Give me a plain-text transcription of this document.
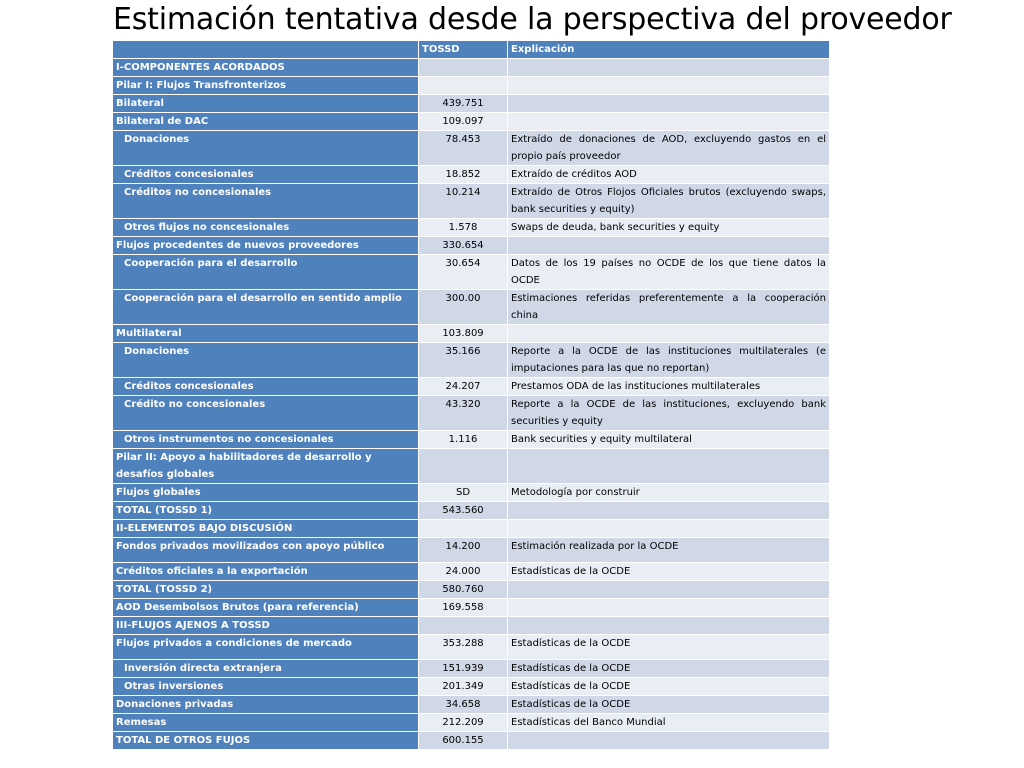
Estimación tentativa desde la perspectiva del proveedor
	TOSSD	Explicación
I-COMPONENTES ACORDADOS		
Pilar I: Flujos Transfronterizos		
Bilateral	439.751	
Bilateral de DAC	109.097	
Donaciones	78.453	Extraído de donaciones de AOD, excluyendo gastos en el propio país proveedor
Créditos concesionales	18.852	Extraído de créditos AOD
Créditos no concesionales	10.214	Extraído de Otros Flojos Oficiales brutos (excluyendo swaps, bank securities y equity)
Otros flujos no concesionales	1.578	Swaps de deuda, bank securities y equity
Flujos procedentes de nuevos proveedores	330.654	
Cooperación para el desarrollo	30.654	Datos de los 19 países no OCDE de los que tiene datos la OCDE
Cooperación para el desarrollo en sentido amplio	300.00	Estimaciones referidas preferentemente a la cooperación china
Multilateral	103.809	
Donaciones	35.166	Reporte a la OCDE de las instituciones multilaterales (e imputaciones para las que no reportan)
Créditos concesionales	24.207	Prestamos ODA de las instituciones multilaterales
Crédito no concesionales	43.320	Reporte a la OCDE de las instituciones, excluyendo bank securities y equity
Otros instrumentos no concesionales	1.116	Bank securities y equity multilateral
Pilar II: Apoyo a habilitadores de desarrollo y desafíos globales		
Flujos globales	SD	Metodología por construir
TOTAL (TOSSD 1)	543.560	
II-ELEMENTOS BAJO DISCUSIÓN		
Fondos privados movilizados con apoyo público	14.200	Estimación realizada por la OCDE
Créditos oficiales a la exportación	24.000	Estadísticas de la OCDE
TOTAL (TOSSD 2)	580.760	
AOD Desembolsos Brutos (para referencia)	169.558	
III-FLUJOS AJENOS A TOSSD		
Flujos privados a condiciones de mercado	353.288	Estadísticas de la OCDE
Inversión directa extranjera	151.939	Estadísticas de la OCDE
Otras inversiones	201.349	Estadísticas de la OCDE
Donaciones privadas	34.658	Estadísticas de la OCDE
Remesas	212.209	Estadísticas del Banco Mundial
TOTAL DE OTROS FUJOS	600.155	
